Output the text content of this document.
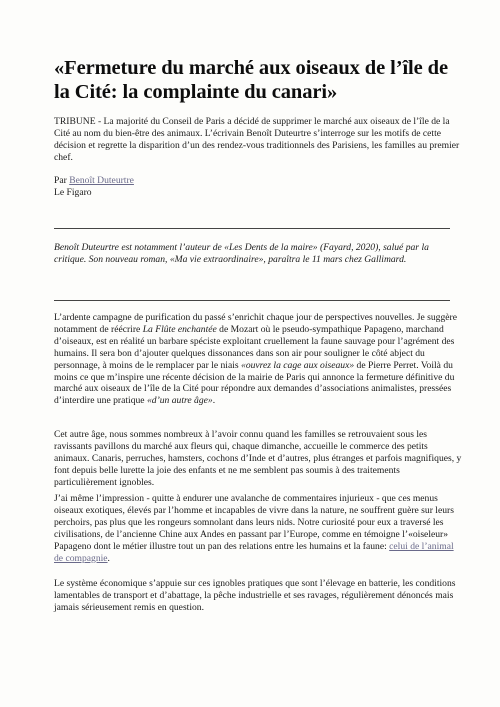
«Fermeture du marché aux oiseaux de l’île de la Cité: la complainte du canari»

TRIBUNE - La majorité du Conseil de Paris a décidé de supprimer le marché aux oiseaux de l’île de la Cité au nom du bien-être des animaux. L’écrivain Benoît Duteurtre s’interroge sur les motifs de cette décision et regrette la disparition d’un des rendez-vous traditionnels des Parisiens, les familles au premier chef.

Par Benoît Duteurtre

Le Figaro

Benoît Duteurtre est notamment l’auteur de «Les Dents de la maire» (Fayard, 2020), salué par la critique. Son nouveau roman, «Ma vie extraordinaire», paraîtra le 11 mars chez Gallimard.

L’ardente campagne de purification du passé s’enrichit chaque jour de perspectives nouvelles. Je suggère notamment de réécrire La Flûte enchantée de Mozart où le pseudo-sympathique Papageno, marchand d’oiseaux, est en réalité un barbare spéciste exploitant cruellement la faune sauvage pour l’agrément des humains. Il sera bon d’ajouter quelques dissonances dans son air pour souligner le côté abject du personnage, à moins de le remplacer par le niais «ouvrez la cage aux oiseaux» de Pierre Perret. Voilà du moins ce que m’inspire une récente décision de la mairie de Paris qui annonce la fermeture définitive du marché aux oiseaux de l’île de la Cité pour répondre aux demandes d’associations animalistes, pressées d’interdire une pratique «d’un autre âge».

Cet autre âge, nous sommes nombreux à l’avoir connu quand les familles se retrouvaient sous les ravissants pavillons du marché aux fleurs qui, chaque dimanche, accueille le commerce des petits animaux. Canaris, perruches, hamsters, cochons d’Inde et d’autres, plus étranges et parfois magnifiques, y font depuis belle lurette la joie des enfants et ne me semblent pas soumis à des traitements particulièrement ignobles.

J’ai même l’impression - quitte à endurer une avalanche de commentaires injurieux - que ces menus oiseaux exotiques, élevés par l’homme et incapables de vivre dans la nature, ne souffrent guère sur leurs perchoirs, pas plus que les rongeurs somnolant dans leurs nids. Notre curiosité pour eux a traversé les civilisations, de l’ancienne Chine aux Andes en passant par l’Europe, comme en témoigne l’«oiseleur» Papageno dont le métier illustre tout un pan des relations entre les humains et la faune: celui de l’animal de compagnie.

Le système économique s’appuie sur ces ignobles pratiques que sont l’élevage en batterie, les conditions lamentables de transport et d’abattage, la pêche industrielle et ses ravages, régulièrement dénoncés mais jamais sérieusement remis en question.
